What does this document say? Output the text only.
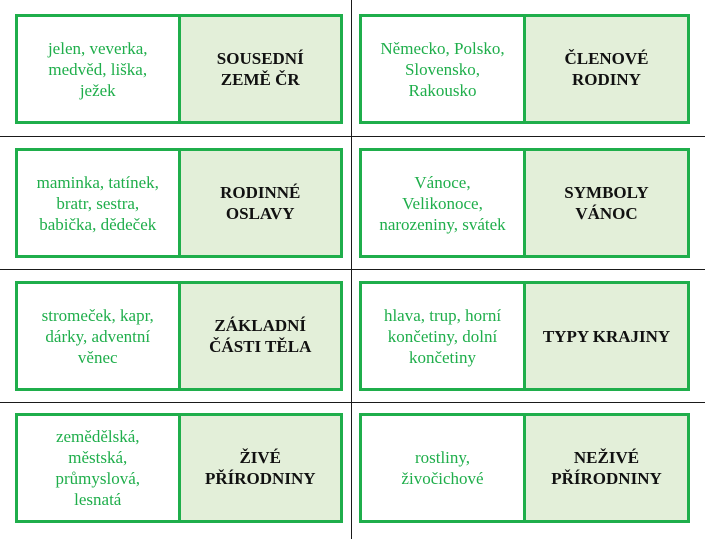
jelen, veverka,
medvěd, liška,
ježek
SOUSEDNÍ
ZEMĚ ČR
Německo, Polsko,
Slovensko,
Rakousko
ČLENOVÉ
RODINY
maminka, tatínek,
bratr, sestra,
babička, dědeček
RODINNÉ
OSLAVY
Vánoce,
Velikonoce,
narozeniny, svátek
SYMBOLY
VÁNOC
stromeček, kapr,
dárky, adventní
věnec
ZÁKLADNÍ
ČÁSTI TĚLA
hlava, trup, horní
končetiny, dolní
končetiny
TYPY KRAJINY
zemědělská,
městská,
průmyslová,
lesnatá
ŽIVÉ
PŘÍRODNINY
rostliny,
živočichové
NEŽIVÉ
PŘÍRODNINY
